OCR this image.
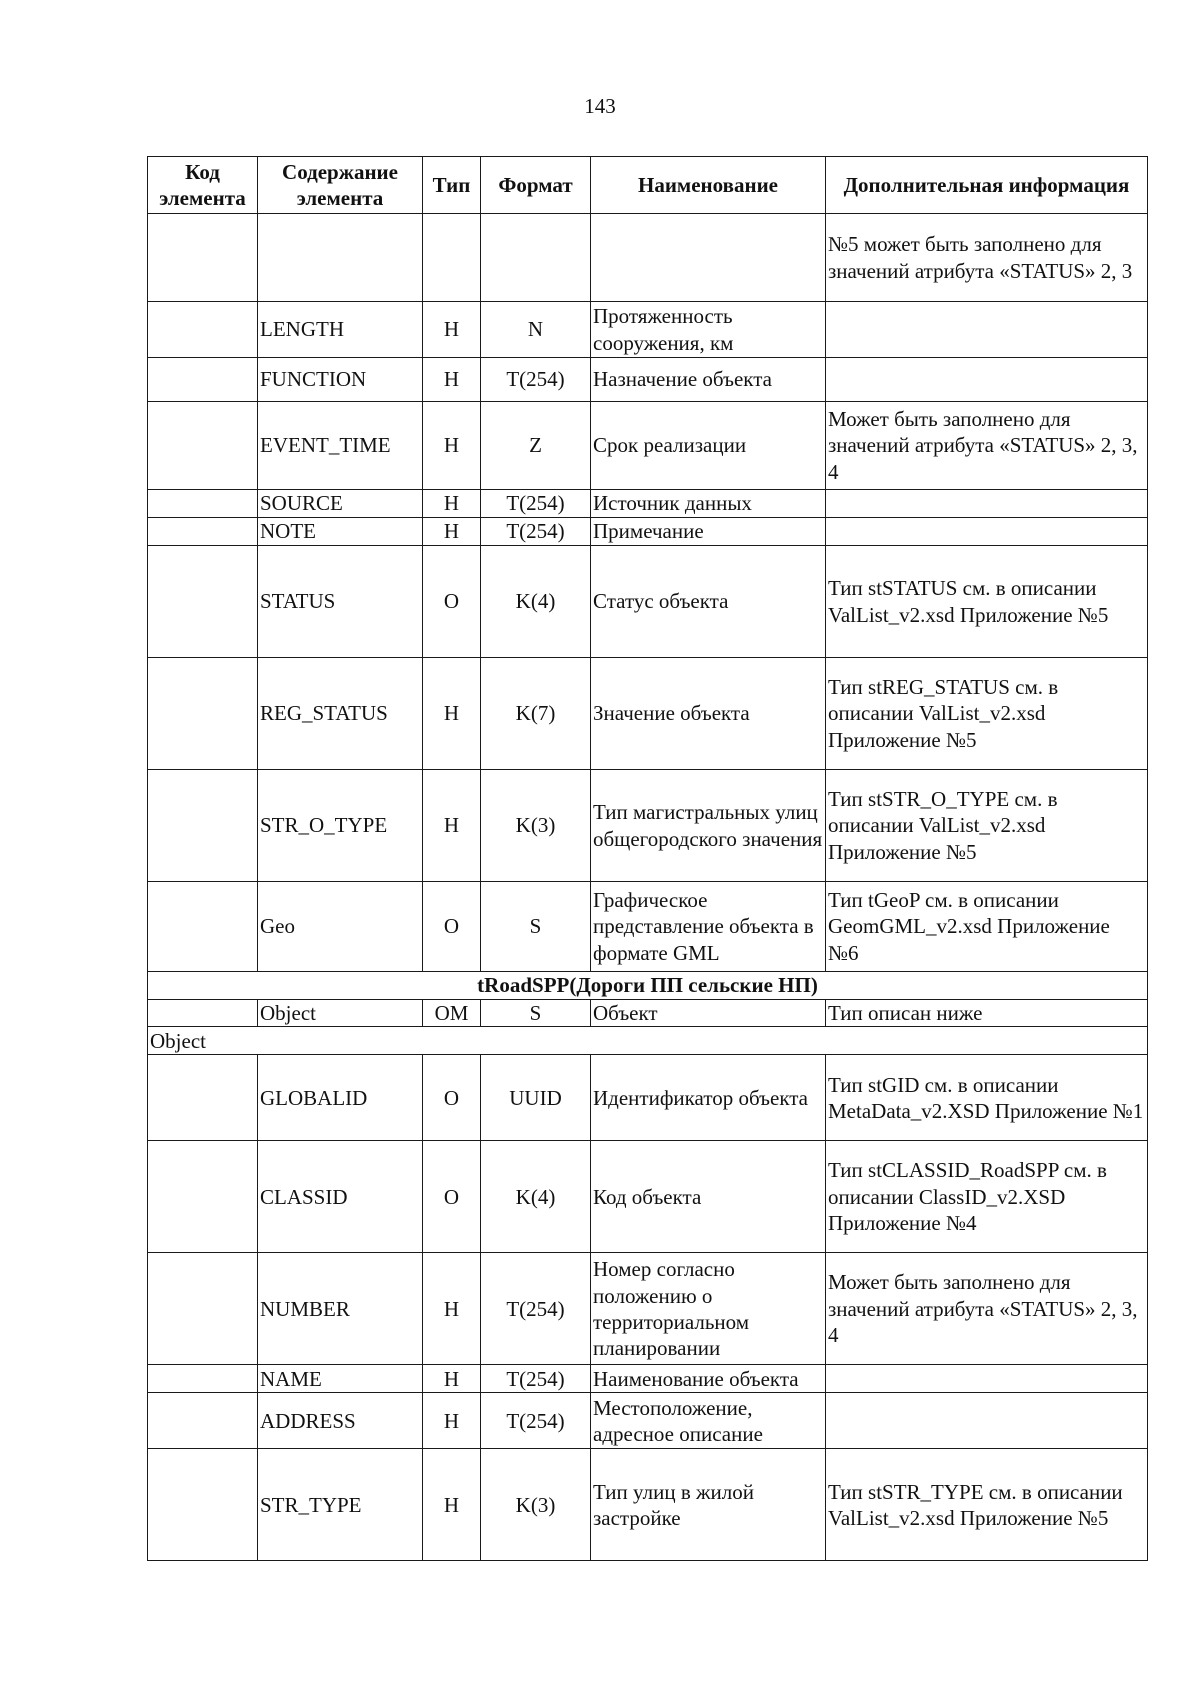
143
Код элемента	Содержание элемента	Тип	Формат	Наименование	Дополнительная информация
					№5 может быть заполнено для значений атрибута «STATUS» 2, 3
	LENGTH	Н	N	Протяженность сооружения, км	
	FUNCTION	Н	T(254)	Назначение объекта	
	EVENT_TIME	Н	Z	Срок реализации	Может быть заполнено для значений атрибута «STATUS» 2, 3, 4
	SOURCE	Н	T(254)	Источник данных	
	NOTE	Н	T(254)	Примечание	
	STATUS	О	K(4)	Статус объекта	Тип stSTATUS см. в описании ValList_v2.xsd Приложение №5
	REG_STATUS	Н	K(7)	Значение объекта	Тип stREG_STATUS см. в описании ValList_v2.xsd Приложение №5
	STR_O_TYPE	Н	K(3)	Тип магистральных улиц общегородского значения	Тип stSTR_O_TYPE см. в описании ValList_v2.xsd Приложение №5
	Geo	О	S	Графическое представление объекта в формате GML	Тип tGeoP см. в описании GeomGML_v2.xsd Приложение №6
tRoadSPP(Дороги ПП сельские НП)					
	Object	ОМ	S	Объект	Тип описан ниже
Object					
	GLOBALID	О	UUID	Идентификатор объекта	Тип stGID см. в описании MetaData_v2.XSD Приложение №1
	CLASSID	О	K(4)	Код объекта	Тип stCLASSID_RoadSPP см. в описании ClassID_v2.XSD Приложение №4
	NUMBER	Н	T(254)	Номер согласно положению о территориальном планировании	Может быть заполнено для значений атрибута «STATUS» 2, 3, 4
	NAME	Н	T(254)	Наименование объекта	
	ADDRESS	Н	T(254)	Местоположение, адресное описание	
	STR_TYPE	Н	K(3)	Тип улиц в жилой застройке	Тип stSTR_TYPE см. в описании ValList_v2.xsd Приложение №5
